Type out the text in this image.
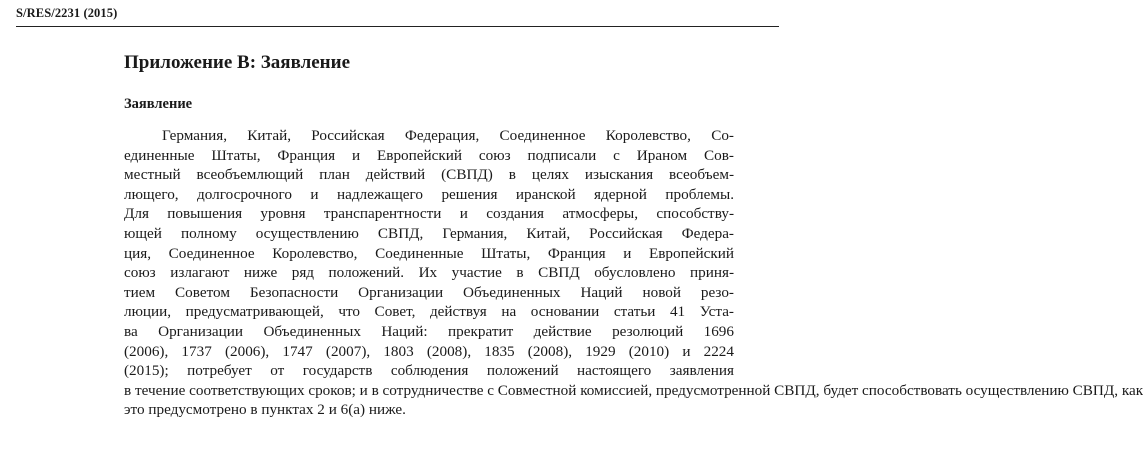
S/RES/2231 (2015)
Приложение В: Заявление
Заявление
Германия, Китай, Российская Федерация, Соединенное Королевство, Со-
единенные Штаты, Франция и Европейский союз подписали с Ираном Сов-
местный всеобъемлющий план действий (СВПД) в целях изыскания всеобъем-
лющего, долгосрочного и надлежащего решения иранской ядерной проблемы.
Для повышения уровня транспарентности и создания атмосферы, способству-
ющей полному осуществлению СВПД, Германия, Китай, Российская Федера-
ция, Соединенное Королевство, Соединенные Штаты, Франция и Европейский
союз излагают ниже ряд положений. Их участие в СВПД обусловлено приня-
тием Советом Безопасности Организации Объединенных Наций новой резо-
люции, предусматривающей, что Совет, действуя на основании статьи 41 Уста-
ва Организации Объединенных Наций: прекратит действие резолюций 1696
(2006), 1737 (2006), 1747 (2007), 1803 (2008), 1835 (2008), 1929 (2010) и 2224
(2015); потребует от государств соблюдения положений настоящего заявления
в течение соответствующих сроков; и в сотрудничестве с Совместной комиссией, предусмотренной СВПД, будет способствовать осуществлению СВПД, как
это предусмотрено в пунктах 2 и 6(а) ниже.
